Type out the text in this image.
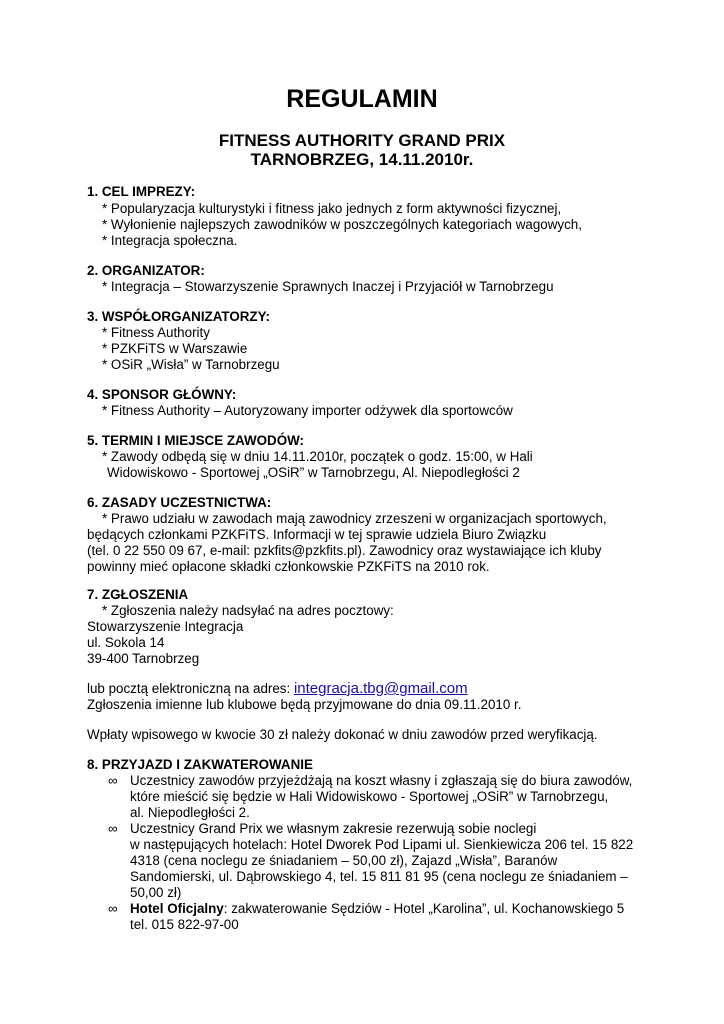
REGULAMIN
FITNESS AUTHORITY GRAND PRIX
TARNOBRZEG, 14.11.2010r.
1. CEL IMPREZY:
* Popularyzacja kulturystyki i fitness jako jednych z form aktywności fizycznej,
* Wyłonienie najlepszych zawodników w poszczególnych kategoriach wagowych,
* Integracja społeczna.
2. ORGANIZATOR:
* Integracja – Stowarzyszenie Sprawnych Inaczej i Przyjaciół w Tarnobrzegu
3. WSPÓŁORGANIZATORZY:
* Fitness Authority
* PZKFiTS w Warszawie
* OSiR „Wisła” w Tarnobrzegu
4. SPONSOR GŁÓWNY:
* Fitness Authority – Autoryzowany importer odżywek dla sportowców
5. TERMIN I MIEJSCE ZAWODÓW:
* Zawody odbędą się w dniu 14.11.2010r, początek o godz. 15:00, w Hali
Widowiskowo - Sportowej „OSiR” w Tarnobrzegu, Al. Niepodległości 2
6. ZASADY UCZESTNICTWA:
* Prawo udziału w zawodach mają zawodnicy zrzeszeni w organizacjach sportowych,
będących członkami PZKFiTS. Informacji w tej sprawie udziela Biuro Związku
(tel. 0 22 550 09 67, e-mail: pzkfits@pzkfits.pl). Zawodnicy oraz wystawiające ich kluby
powinny mieć opłacone składki członkowskie PZKFiTS na 2010 rok.
7. ZGŁOSZENIA
* Zgłoszenia należy nadsyłać na adres pocztowy:
Stowarzyszenie Integracja
ul. Sokola 14
39-400 Tarnobrzeg
lub pocztą elektroniczną na adres: integracja.tbg@gmail.com
Zgłoszenia imienne lub klubowe będą przyjmowane do dnia 09.11.2010 r.
Wpłaty wpisowego w kwocie 30 zł należy dokonać w dniu zawodów przed weryfikacją.
8. PRZYJAZD I ZAKWATEROWANIE
∞ Uczestnicy zawodów przyjeżdżają na koszt własny i zgłaszają się do biura zawodów,
które mieścić się będzie w Hali Widowiskowo - Sportowej „OSiR” w Tarnobrzegu,
al. Niepodległości 2.
∞ Uczestnicy Grand Prix we własnym zakresie rezerwują sobie noclegi
w następujących hotelach: Hotel Dworek Pod Lipami ul. Sienkiewicza 206 tel. 15 822
4318 (cena noclegu ze śniadaniem – 50,00 zł), Zajazd „Wisła”, Baranów
Sandomierski, ul. Dąbrowskiego 4, tel. 15 811 81 95 (cena noclegu ze śniadaniem –
50,00 zł)
∞ Hotel Oficjalny: zakwaterowanie Sędziów - Hotel „Karolina”, ul. Kochanowskiego 5
tel. 015 822-97-00
